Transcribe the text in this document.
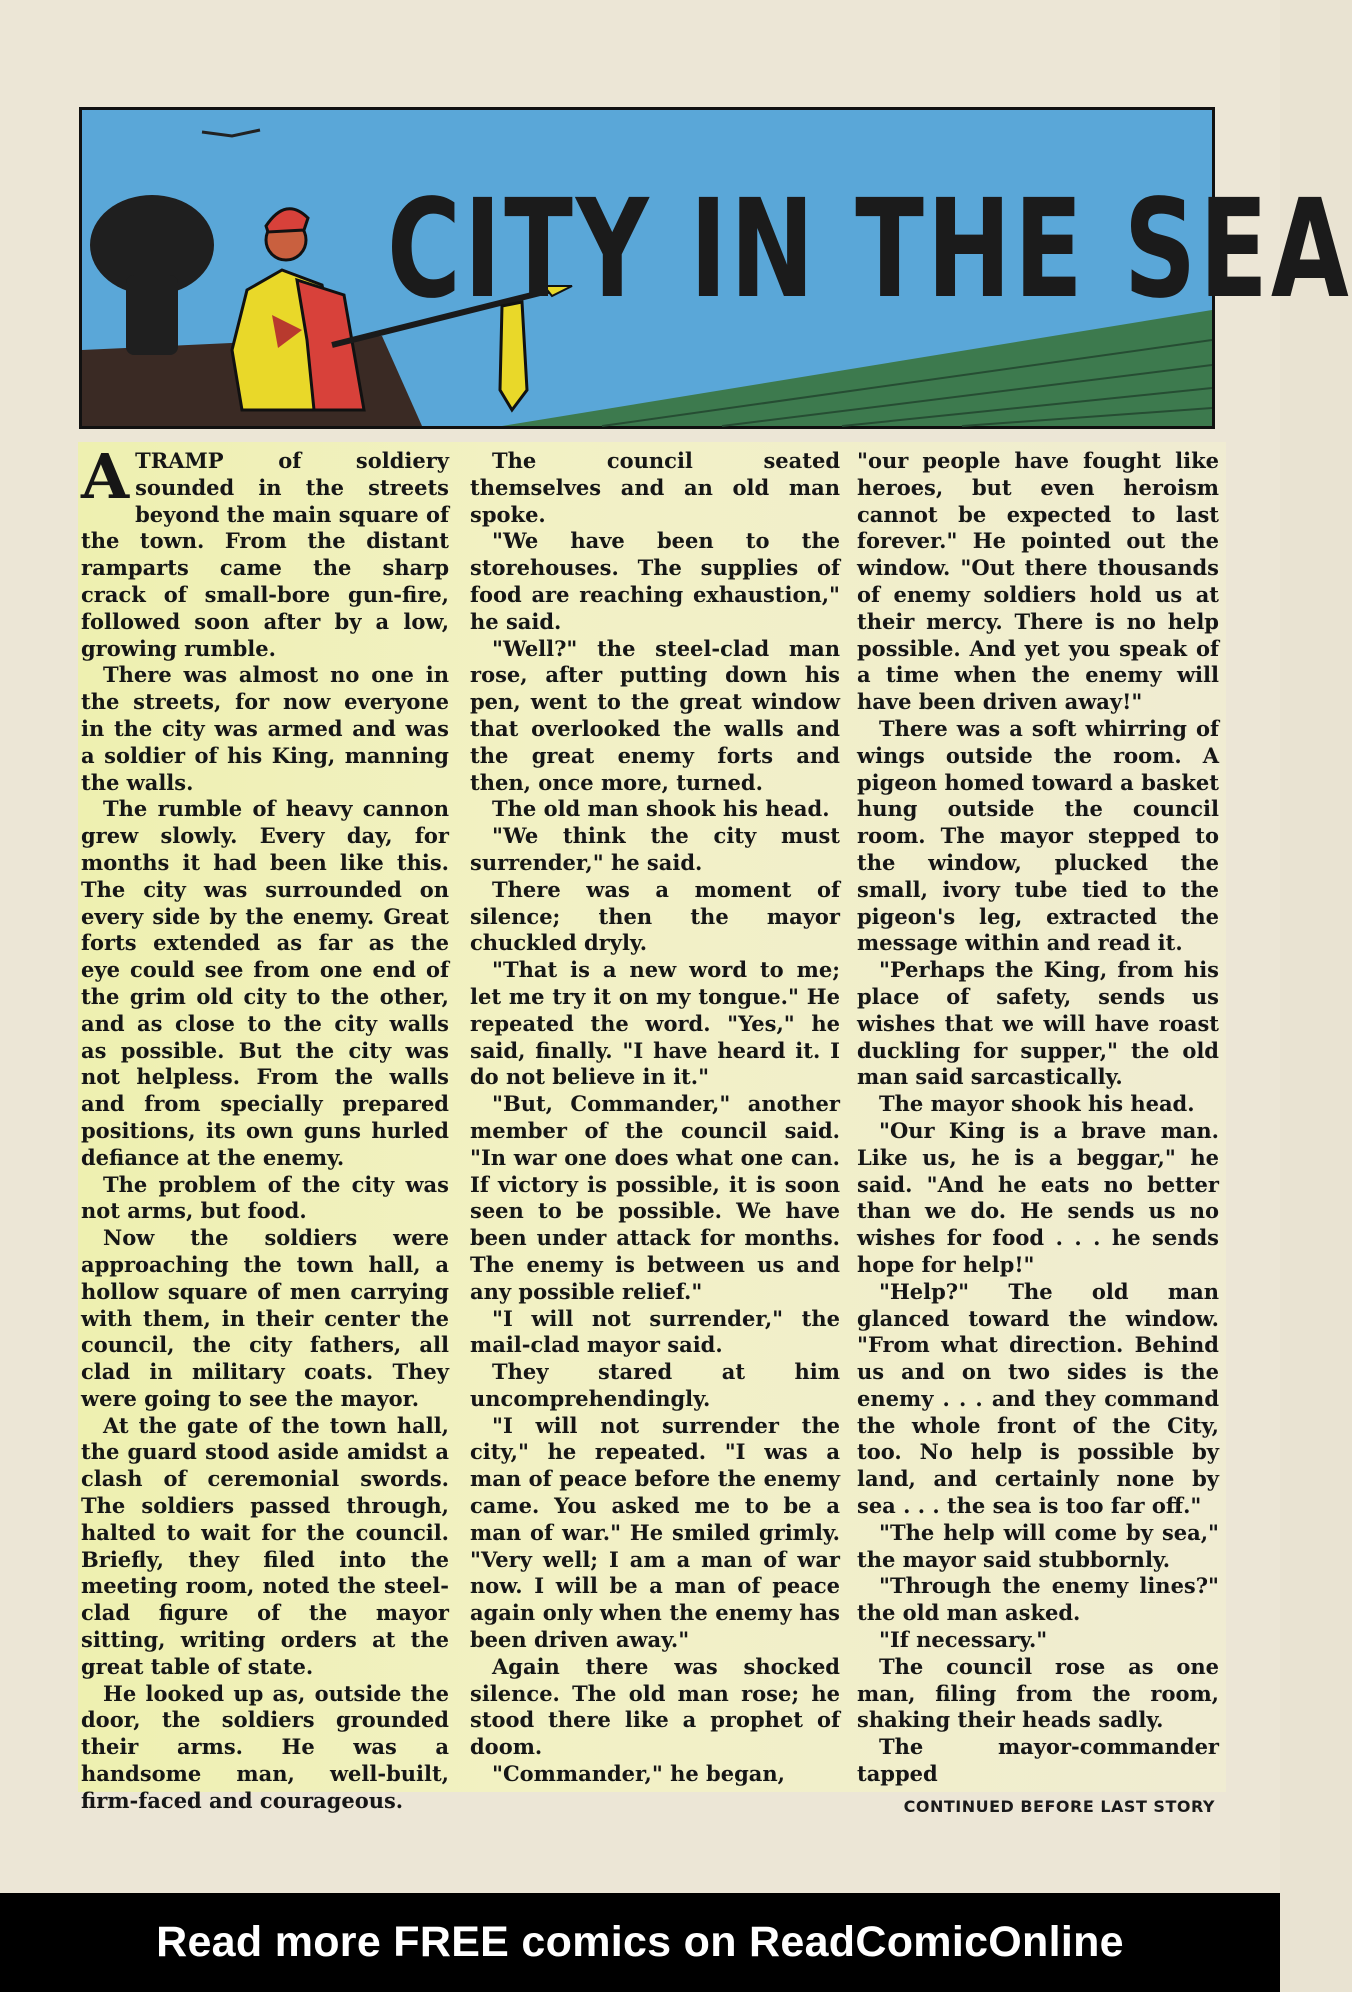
CITY IN THE SEA

ATRAMP of soldiery sounded in the streets beyond the main square of the town. From the distant ramparts came the sharp crack of small-bore gun-fire, followed soon after by a low, growing rumble.

There was almost no one in the streets, for now everyone in the city was armed and was a soldier of his King, manning the walls.

The rumble of heavy cannon grew slowly. Every day, for months it had been like this. The city was surrounded on every side by the enemy. Great forts extended as far as the eye could see from one end of the grim old city to the other, and as close to the city walls as possible. But the city was not helpless. From the walls and from specially prepared positions, its own guns hurled defiance at the enemy.

The problem of the city was not arms, but food.

Now the soldiers were approaching the town hall, a hollow square of men carrying with them, in their center the council, the city fathers, all clad in military coats. They were going to see the mayor.

At the gate of the town hall, the guard stood aside amidst a clash of ceremonial swords. The soldiers passed through, halted to wait for the council. Briefly, they filed into the meeting room, noted the steel-clad figure of the mayor sitting, writing orders at the great table of state.

He looked up as, outside the door, the soldiers grounded their arms. He was a handsome man, well-built, firm-faced and courageous.

The council seated themselves and an old man spoke.

"We have been to the storehouses. The supplies of food are reaching exhaustion," he said.

"Well?" the steel-clad man rose, after putting down his pen, went to the great window that overlooked the walls and the great enemy forts and then, once more, turned.

The old man shook his head.

"We think the city must surrender," he said.

There was a moment of silence; then the mayor chuckled dryly.

"That is a new word to me; let me try it on my tongue." He repeated the word. "Yes," he said, finally. "I have heard it. I do not believe in it."

"But, Commander," another member of the council said. "In war one does what one can. If victory is possible, it is soon seen to be possible. We have been under attack for months. The enemy is between us and any possible relief."

"I will not surrender," the mail-clad mayor said.

They stared at him uncomprehendingly.

"I will not surrender the city," he repeated. "I was a man of peace before the enemy came. You asked me to be a man of war." He smiled grimly. "Very well; I am a man of war now. I will be a man of peace again only when the enemy has been driven away."

Again there was shocked silence. The old man rose; he stood there like a prophet of doom.

"Commander," he began,

"our people have fought like heroes, but even heroism cannot be expected to last forever." He pointed out the window. "Out there thousands of enemy soldiers hold us at their mercy. There is no help possible. And yet you speak of a time when the enemy will have been driven away!"

There was a soft whirring of wings outside the room. A pigeon homed toward a basket hung outside the council room. The mayor stepped to the window, plucked the small, ivory tube tied to the pigeon's leg, extracted the message within and read it.

"Perhaps the King, from his place of safety, sends us wishes that we will have roast duckling for supper," the old man said sarcastically.

The mayor shook his head.

"Our King is a brave man. Like us, he is a beggar," he said. "And he eats no better than we do. He sends us no wishes for food . . . he sends hope for help!"

"Help?" The old man glanced toward the window. "From what direction. Behind us and on two sides is the enemy . . . and they command the whole front of the City, too. No help is possible by land, and certainly none by sea . . . the sea is too far off."

"The help will come by sea," the mayor said stubbornly.

"Through the enemy lines?" the old man asked.

"If necessary."

The council rose as one man, filing from the room, shaking their heads sadly.

The mayor-commander tapped

CONTINUED BEFORE LAST STORY
Read more FREE comics on ReadComicOnline
